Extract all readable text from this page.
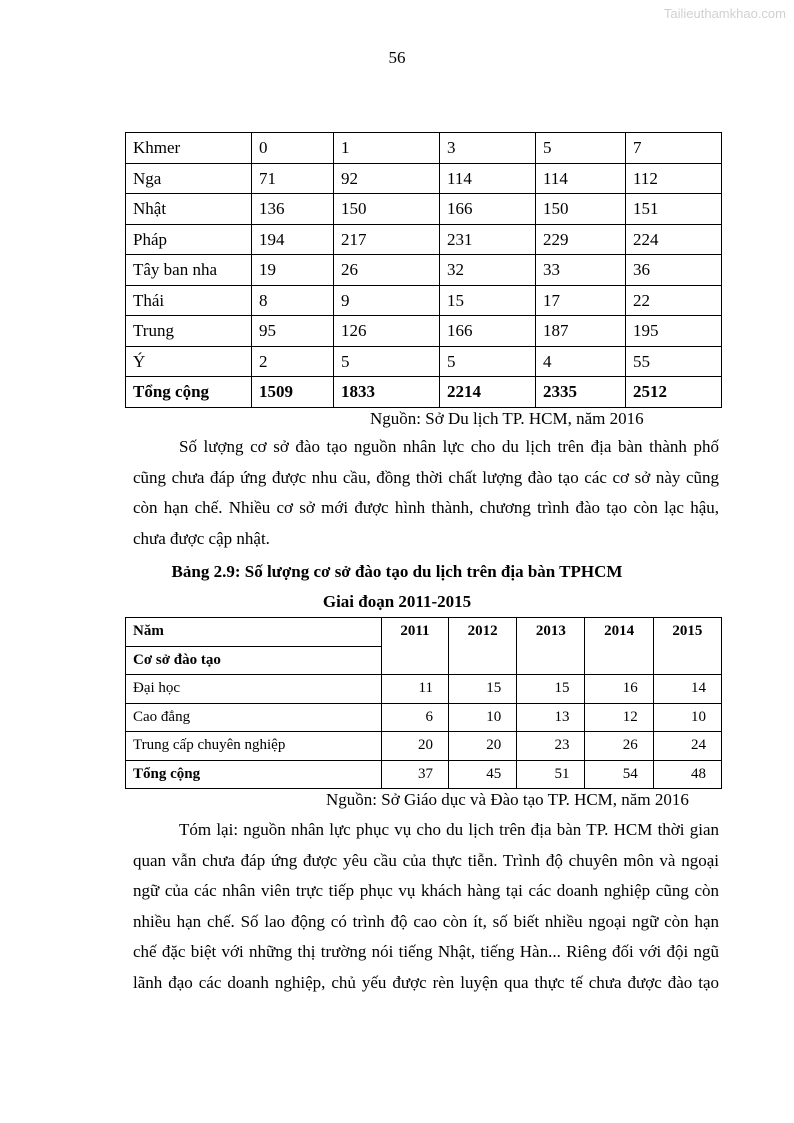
Tailieuthamkhao.com
56
Khmer	0	1	3	5	7
Nga	71	92	114	114	112
Nhật	136	150	166	150	151
Pháp	194	217	231	229	224
Tây ban nha	19	26	32	33	36
Thái	8	9	15	17	22
Trung	95	126	166	187	195
Ý	2	5	5	4	55
Tổng cộng	1509	1833	2214	2335	2512
Nguồn: Sở Du lịch TP. HCM, năm 2016
Số lượng cơ sở đào tạo nguồn nhân lực cho du lịch trên địa bàn thành phố
cũng chưa đáp ứng được nhu cầu, đồng thời chất lượng đào tạo các cơ sở này cũng
còn hạn chế. Nhiều cơ sở mới được hình thành, chương trình đào tạo còn lạc hậu,
chưa được cập nhật.
Bảng 2.9: Số lượng cơ sở đào tạo du lịch trên địa bàn TPHCM
Giai đoạn 2011-2015
Năm	2011	2012	2013	2014	2015
Cơ sở đào tạo					
Đại học	11	15	15	16	14
Cao đẳng	6	10	13	12	10
Trung cấp chuyên nghiệp	20	20	23	26	24
Tổng cộng	37	45	51	54	48
Nguồn: Sở Giáo dục và Đào tạo TP. HCM, năm 2016
Tóm lại: nguồn nhân lực phục vụ cho du lịch trên địa bàn TP. HCM thời gian
quan vẫn chưa đáp ứng được yêu cầu của thực tiễn. Trình độ chuyên môn và ngoại
ngữ của các nhân viên trực tiếp phục vụ khách hàng tại các doanh nghiệp cũng còn
nhiều hạn chế. Số lao động có trình độ cao còn ít, số biết nhiều ngoại ngữ còn hạn
chế đặc biệt với những thị trường nói tiếng Nhật, tiếng Hàn... Riêng đối với đội ngũ
lãnh đạo các doanh nghiệp, chủ yếu được rèn luyện qua thực tế chưa được đào tạo
